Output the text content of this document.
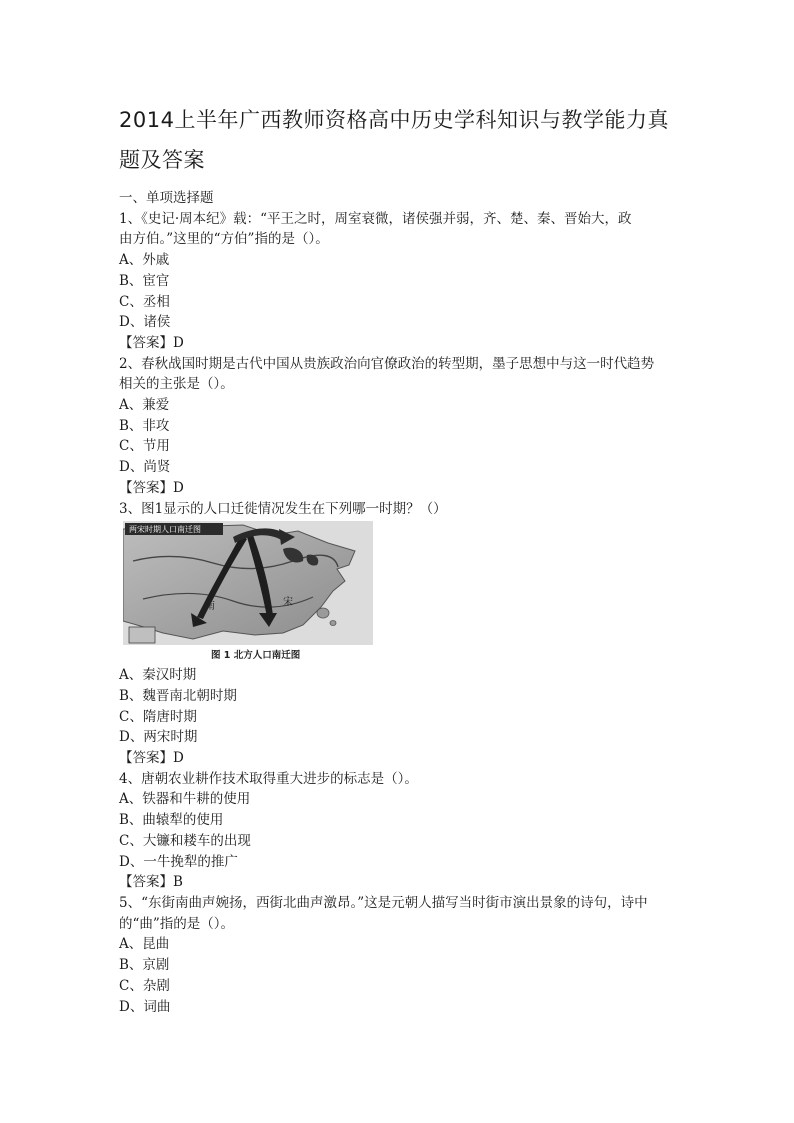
2014上半年广西教师资格高中历史学科知识与教学能力真
题及答案
一、单项选择题
1、《史记·周本纪》载：“平王之时，周室衰微，诸侯强并弱，齐、楚、秦、晋始大，政
由方伯。”这里的“方伯”指的是（）。
A、外戚
B、宦官
C、丞相
D、诸侯
【答案】D
2、春秋战国时期是古代中国从贵族政治向官僚政治的转型期，墨子思想中与这一时代趋势
相关的主张是（）。
A、兼爱
B、非攻
C、节用
D、尚贤
【答案】D
3、图1显示的人口迁徙情况发生在下列哪一时期？（）
南	宋
两宋时期人口南迁图
图 1 北方人口南迁图
A、秦汉时期
B、魏晋南北朝时期
C、隋唐时期
D、两宋时期
【答案】D
4、唐朝农业耕作技术取得重大进步的标志是（）。
A、铁器和牛耕的使用
B、曲辕犁的使用
C、大镰和耧车的出现
D、一牛挽犁的推广
【答案】B
5、“东街南曲声婉扬，西街北曲声激昂。”这是元朝人描写当时街市演出景象的诗句，诗中
的“曲”指的是（）。
A、昆曲
B、京剧
C、杂剧
D、词曲
